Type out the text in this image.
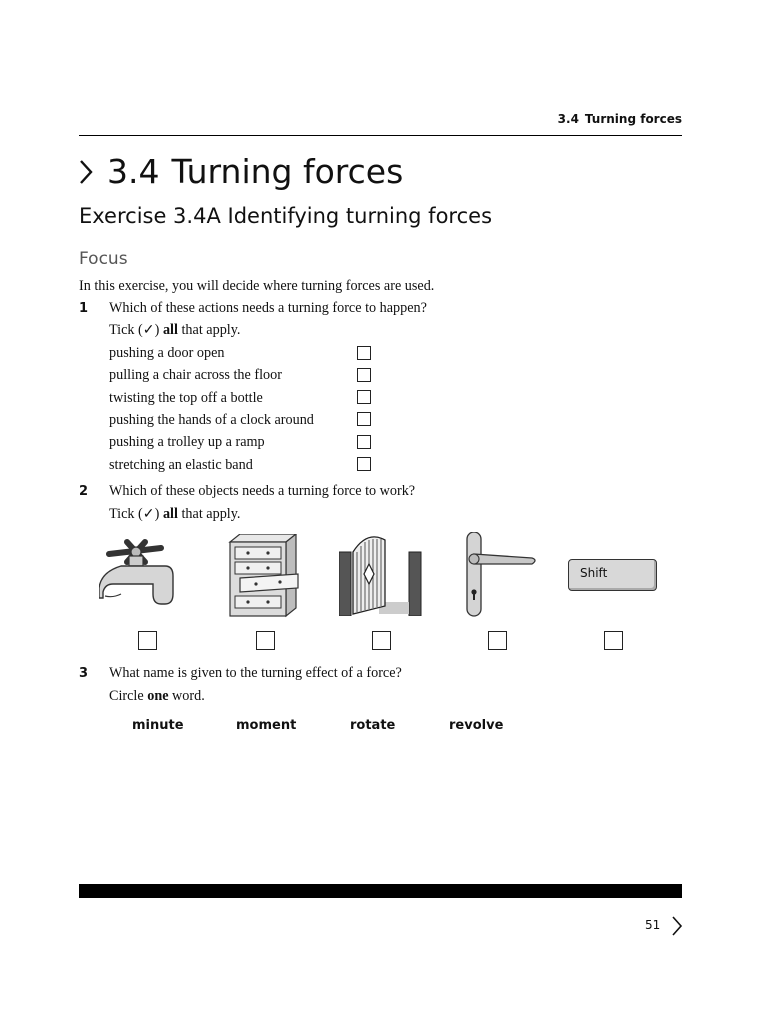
3.4 Turning forces
3.4 Turning forces
Exercise 3.4A Identifying turning forces
Focus
In this exercise, you will decide where turning forces are used.
1 Which of these actions needs a turning force to happen?
Tick (✓) all that apply.
pushing a door open
pulling a chair across the floor
twisting the top off a bottle
pushing the hands of a clock around
pushing a trolley up a ramp
stretching an elastic band
2 Which of these objects needs a turning force to work?
Tick (✓) all that apply.
Shift
3 What name is given to the turning effect of a force?
Circle one word.
minute	moment	rotate	revolve
51
